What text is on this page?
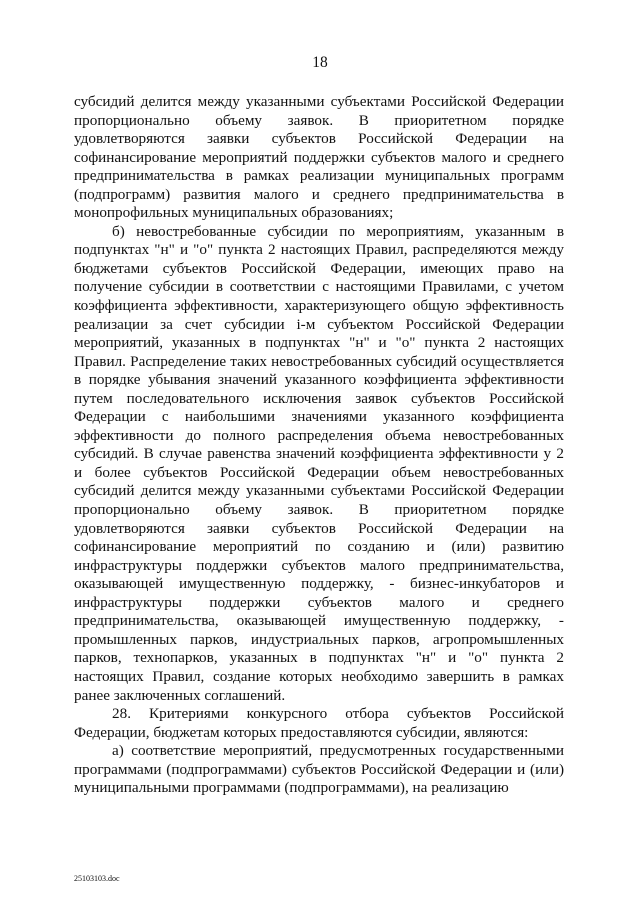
18

субсидий делится между указанными субъектами Российской Федерации пропорционально объему заявок. В приоритетном порядке удовлетворяются заявки субъектов Российской Федерации на софинансирование мероприятий поддержки субъектов малого и среднего предпринимательства в рамках реализации муниципальных программ (подпрограмм) развития малого и среднего предпринимательства в монопрофильных муниципальных образованиях;

б) невостребованные субсидии по мероприятиям, указанным в подпунктах "н" и "о" пункта 2 настоящих Правил, распределяются между бюджетами субъектов Российской Федерации, имеющих право на получение субсидии в соответствии с настоящими Правилами, с учетом коэффициента эффективности, характеризующего общую эффективность реализации за счет субсидии i-м субъектом Российской Федерации мероприятий, указанных в подпунктах "н" и "о" пункта 2 настоящих Правил. Распределение таких невостребованных субсидий осуществляется в порядке убывания значений указанного коэффициента эффективности путем последовательного исключения заявок субъектов Российской Федерации с наибольшими значениями указанного коэффициента эффективности до полного распределения объема невостребованных субсидий. В случае равенства значений коэффициента эффективности у 2 и более субъектов Российской Федерации объем невостребованных субсидий делится между указанными субъектами Российской Федерации пропорционально объему заявок. В приоритетном порядке удовлетворяются заявки субъектов Российской Федерации на софинансирование мероприятий по созданию и (или) развитию инфраструктуры поддержки субъектов малого предпринимательства, оказывающей имущественную поддержку, - бизнес-инкубаторов и инфраструктуры поддержки субъектов малого и среднего предпринимательства, оказывающей имущественную поддержку, - промышленных парков, индустриальных парков, агропромышленных парков, технопарков, указанных в подпунктах "н" и "о" пункта 2 настоящих Правил, создание которых необходимо завершить в рамках ранее заключенных соглашений.

28. Критериями конкурсного отбора субъектов Российской Федерации, бюджетам которых предоставляются субсидии, являются:

а) соответствие мероприятий, предусмотренных государственными программами (подпрограммами) субъектов Российской Федерации и (или) муниципальными программами (подпрограммами), на реализацию

25103103.doc
